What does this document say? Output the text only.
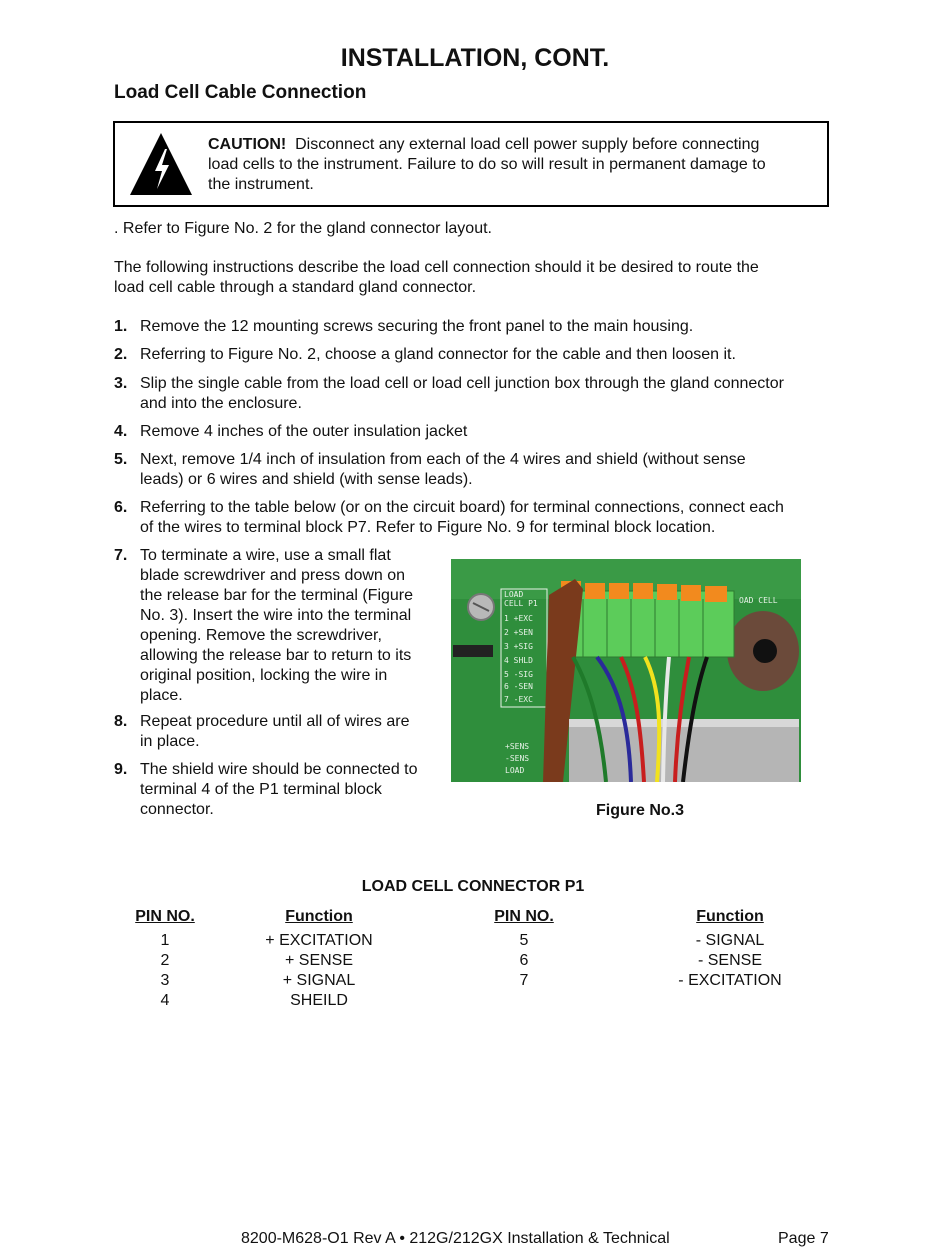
INSTALLATION, CONT.
Load Cell Cable Connection
CAUTION!  Disconnect any external load cell power supply before connecting
load cells to the instrument. Failure to do so will result in permanent damage to
the instrument.
. Refer to Figure No. 2 for the gland connector layout.
The following instructions describe the load cell connection should it be desired to route the
load cell cable through a standard gland connector.
1. Remove the 12 mounting screws securing the front panel to the main housing.
2. Referring to Figure No. 2, choose a gland connector for the cable and then loosen it.
3. Slip the single cable from the load cell or load cell junction box through the gland connector
and into the enclosure.
4. Remove 4 inches of the outer insulation jacket
5. Next, remove 1/4 inch of insulation from each of the 4 wires and shield (without sense
leads) or 6 wires and shield (with sense leads).
6. Referring to the table below (or on the circuit board) for terminal connections, connect each
of the wires to terminal block P7. Refer to Figure No. 9 for terminal block location.
7. To terminate a wire, use a small flat
blade screwdriver and press down on
the release bar for the terminal (Figure
No. 3). Insert the wire into the terminal
opening. Remove the screwdriver,
allowing the release bar to return to its
original position, locking the wire in
place.
8. Repeat procedure until all of wires are
in place.
9. The shield wire should be connected to
terminal 4 of the P1 terminal block
connector.
LOAD
CELL P1
1 +EXC
2 +SEN
3 +SIG
4 SHLD
5 -SIG
6 -SEN
7 -EXC
OAD CELL
+SENS
-SENS
LOAD
Figure No.3
LOAD CELL CONNECTOR P1
PIN NO.
1
2
3
4
Function
+ EXCITATION
+ SENSE
+ SIGNAL
SHEILD
PIN NO.
5
6
7
Function
- SIGNAL
- SENSE
- EXCITATION
8200-M628-O1 Rev A • 212G/212GX Installation & Technical	Page 7
